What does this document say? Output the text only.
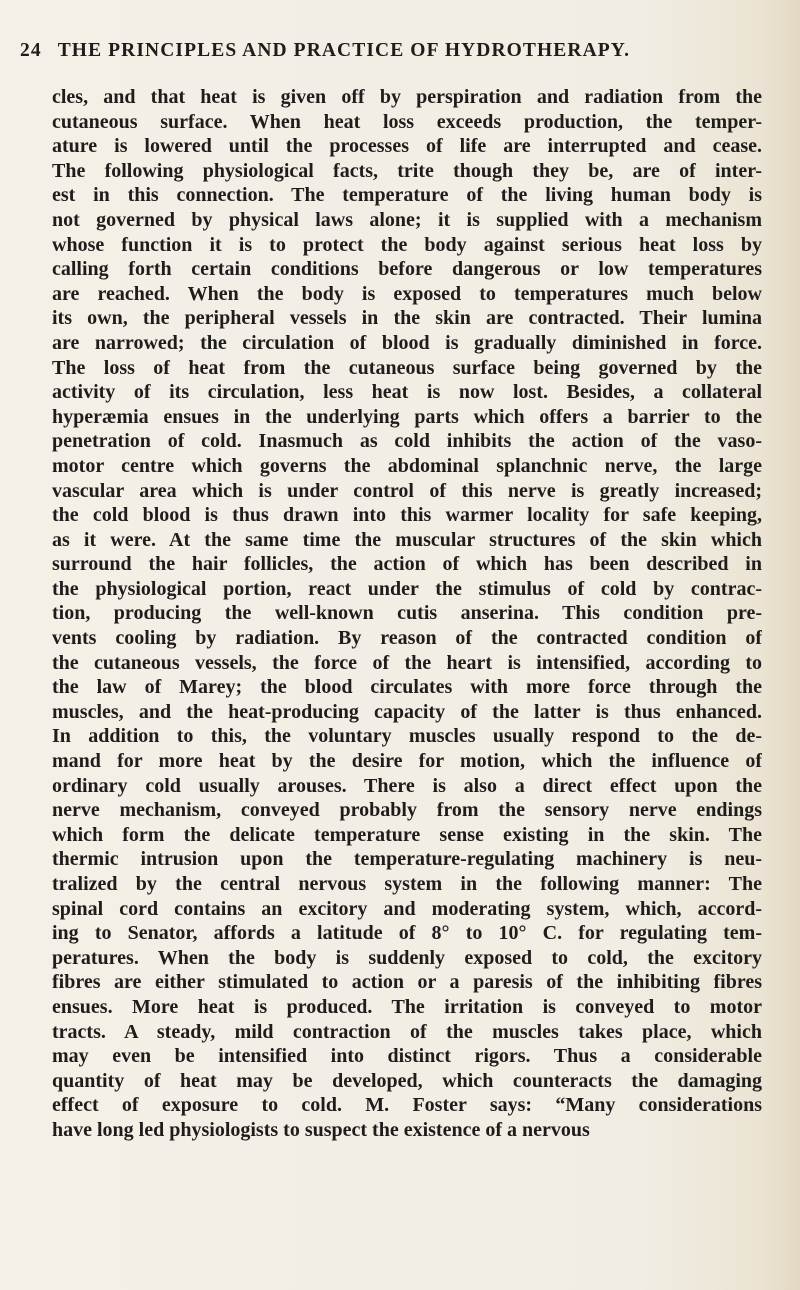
24 THE PRINCIPLES AND PRACTICE OF HYDROTHERAPY.
cles, and that heat is given off by perspiration and radiation from the
cutaneous surface. When heat loss exceeds production, the temper-
ature is lowered until the processes of life are interrupted and cease.
The following physiological facts, trite though they be, are of inter-
est in this connection. The temperature of the living human body is
not governed by physical laws alone; it is supplied with a mechanism
whose function it is to protect the body against serious heat loss by
calling forth certain conditions before dangerous or low temperatures
are reached. When the body is exposed to temperatures much below
its own, the peripheral vessels in the skin are contracted. Their lumina
are narrowed; the circulation of blood is gradually diminished in force.
The loss of heat from the cutaneous surface being governed by the
activity of its circulation, less heat is now lost. Besides, a collateral
hyperæmia ensues in the underlying parts which offers a barrier to the
penetration of cold. Inasmuch as cold inhibits the action of the vaso-
motor centre which governs the abdominal splanchnic nerve, the large
vascular area which is under control of this nerve is greatly increased;
the cold blood is thus drawn into this warmer locality for safe keeping,
as it were. At the same time the muscular structures of the skin which
surround the hair follicles, the action of which has been described in
the physiological portion, react under the stimulus of cold by contrac-
tion, producing the well-known cutis anserina. This condition pre-
vents cooling by radiation. By reason of the contracted condition of
the cutaneous vessels, the force of the heart is intensified, according to
the law of Marey; the blood circulates with more force through the
muscles, and the heat-producing capacity of the latter is thus enhanced.
In addition to this, the voluntary muscles usually respond to the de-
mand for more heat by the desire for motion, which the influence of
ordinary cold usually arouses. There is also a direct effect upon the
nerve mechanism, conveyed probably from the sensory nerve endings
which form the delicate temperature sense existing in the skin. The
thermic intrusion upon the temperature-regulating machinery is neu-
tralized by the central nervous system in the following manner: The
spinal cord contains an excitory and moderating system, which, accord-
ing to Senator, affords a latitude of 8° to 10° C. for regulating tem-
peratures. When the body is suddenly exposed to cold, the excitory
fibres are either stimulated to action or a paresis of the inhibiting fibres
ensues. More heat is produced. The irritation is conveyed to motor
tracts. A steady, mild contraction of the muscles takes place, which
may even be intensified into distinct rigors. Thus a considerable
quantity of heat may be developed, which counteracts the damaging
effect of exposure to cold. M. Foster says: “Many considerations
have long led physiologists to suspect the existence of a nervous
